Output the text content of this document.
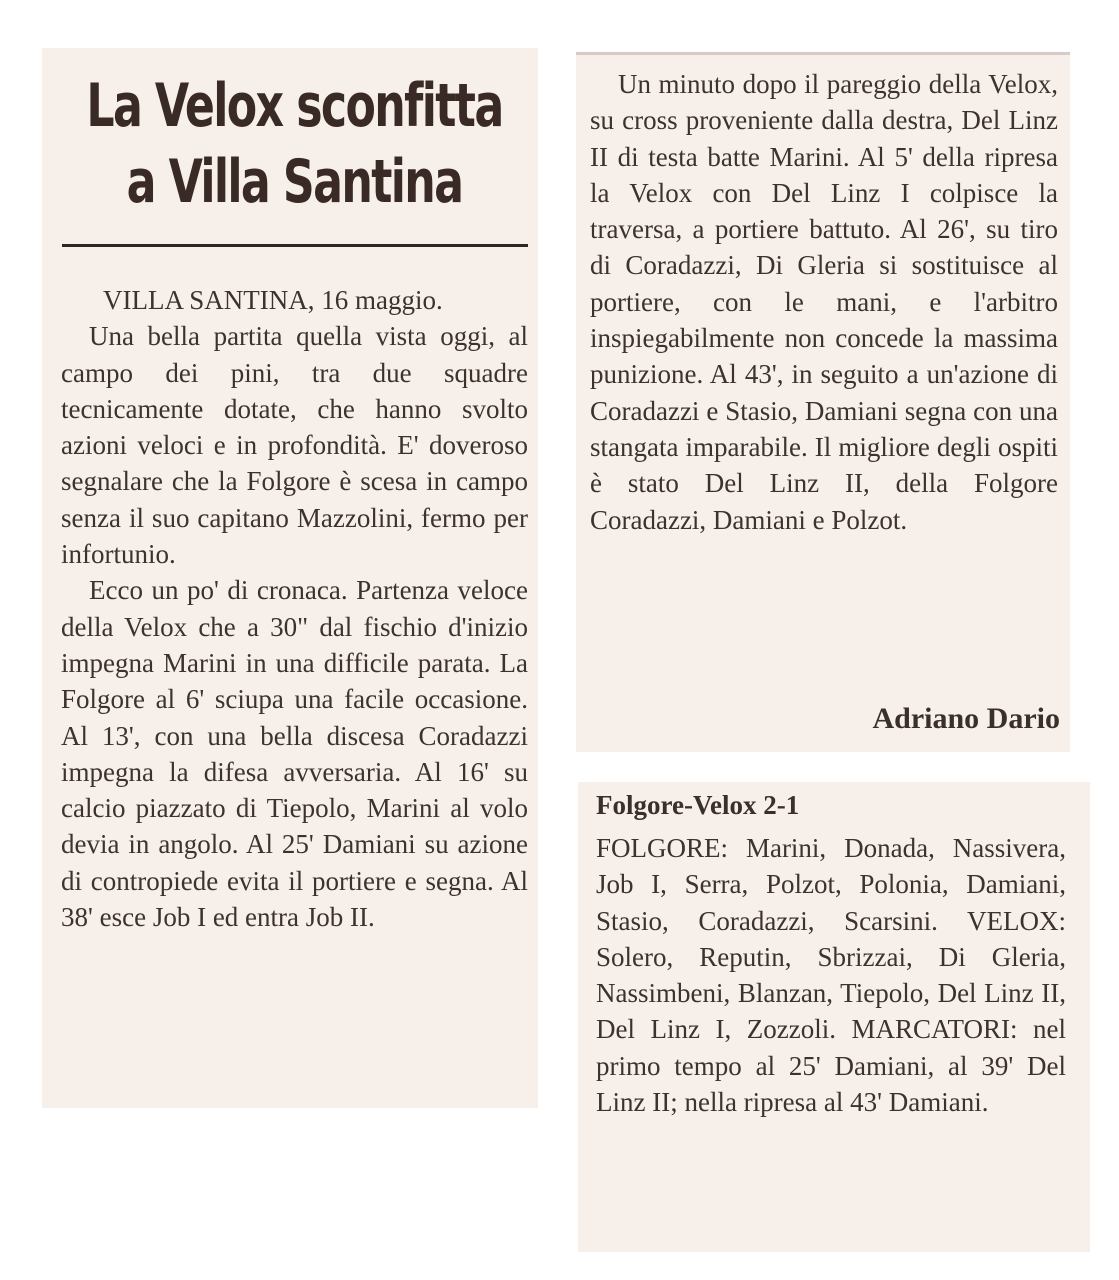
La Velox sconfitta
a Villa Santina

VILLA SANTINA, 16 maggio.

Una bella partita quella vista oggi, al campo dei pini, tra due squadre tecnicamente dotate, che hanno svolto azioni veloci e in profondità. E' doveroso segnalare che la Folgore è scesa in campo senza il suo capitano Mazzolini, fermo per infortunio.

Ecco un po' di cronaca. Partenza veloce della Velox che a 30" dal fischio d'inizio impegna Marini in una difficile parata. La Folgore al 6' sciupa una facile occasione. Al 13', con una bella discesa Coradazzi impegna la difesa avversaria. Al 16' su calcio piazzato di Tiepolo, Marini al volo devia in angolo. Al 25' Damiani su azione di contropiede evita il portiere e segna. Al 38' esce Job I ed entra Job II.

Un minuto dopo il pareggio della Velox, su cross proveniente dalla destra, Del Linz II di testa batte Marini. Al 5' della ripresa la Velox con Del Linz I colpisce la traversa, a portiere battuto. Al 26', su tiro di Coradazzi, Di Gleria si sostituisce al portiere, con le mani, e l'arbitro inspiegabilmente non concede la massima punizione. Al 43', in seguito a un'azione di Coradazzi e Stasio, Damiani segna con una stangata imparabile. Il migliore degli ospiti è stato Del Linz II, della Folgore Coradazzi, Damiani e Polzot.

Adriano Dario
Folgore-Velox 2-1

FOLGORE: Marini, Donada, Nassivera, Job I, Serra, Polzot, Polonia, Damiani, Stasio, Coradazzi, Scarsini. VELOX: Solero, Reputin, Sbrizzai, Di Gleria, Nassimbeni, Blanzan, Tiepolo, Del Linz II, Del Linz I, Zozzoli. MARCATORI: nel primo tempo al 25' Damiani, al 39' Del Linz II; nella ripresa al 43' Damiani.
